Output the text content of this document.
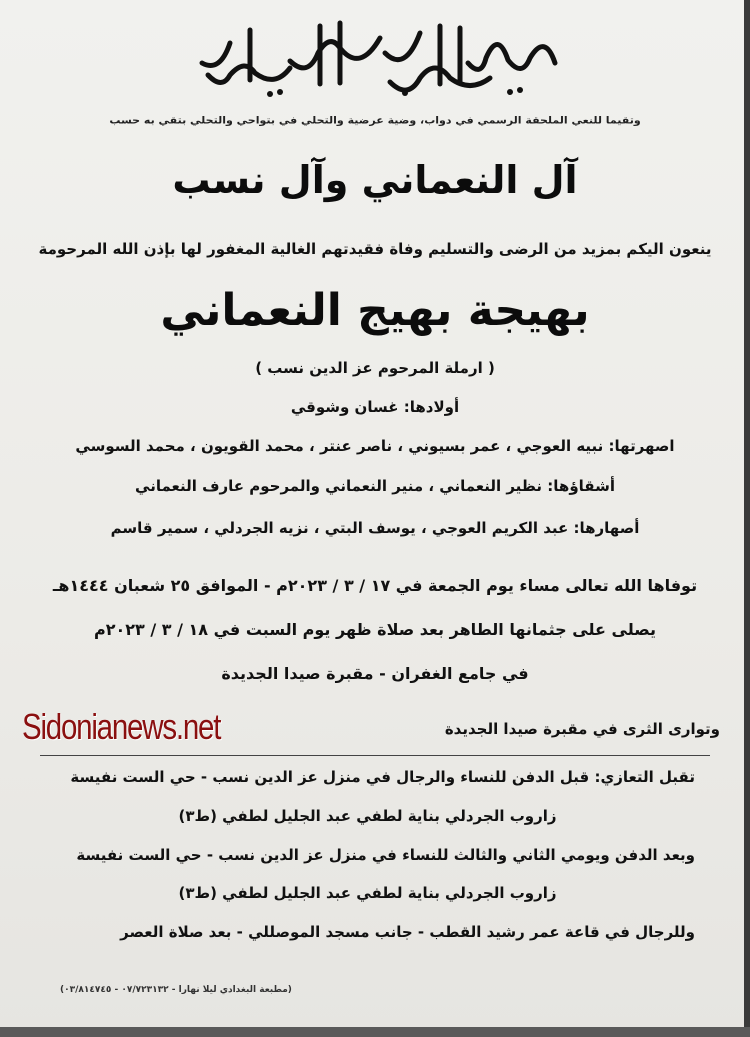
وتقيما للنعي الملحقة الرسمي في دواب، وضية عرضية والتحلي في بتواحي والتحلي بتقي به حسب
آل النعماني وآل نسب
ينعون اليكم بمزيد من الرضى والتسليم وفاة فقيدتهم الغالية المغفور لها بإذن الله المرحومة
بهيجة بهيج النعماني
( ارملة المرحوم عز الدين نسب )
أولادها: غسان وشوقي
اصهرتها: نبيه العوجي ، عمر بسيوني ، ناصر عنتر ، محمد القويون ، محمد السوسي
أشقاؤها: نظير النعماني ، منير النعماني والمرحوم عارف النعماني
أصهارها: عبد الكريم العوجي ، يوسف البتي ، نزيه الجردلي ، سمير قاسم
توفاها الله تعالى مساء يوم الجمعة في ١٧ / ٣ / ٢٠٢٣م - الموافق ٢٥ شعبان ١٤٤٤هـ
يصلى على جثمانها الطاهر بعد صلاة ظهر يوم السبت في ١٨ / ٣ / ٢٠٢٣م
في جامع الغفران - مقبرة صيدا الجديدة
وتوارى الثرى في مقبرة صيدا الجديدة
تقبل التعازي: قبل الدفن للنساء والرجال في منزل عز الدين نسب - حي الست نفيسة
زاروب الجردلي بناية لطفي عبد الجليل لطفي (ط٣)
وبعد الدفن ويومي الثاني والثالث للنساء في منزل عز الدين نسب - حي الست نفيسة
زاروب الجردلي بناية لطفي عبد الجليل لطفي (ط٣)
وللرجال في قاعة عمر رشيد القطب - جانب مسجد الموصللي - بعد صلاة العصر
(مطبعة البغدادي ليلا نهارا - ٠٧/٧٢٣١٣٢ - ٠٣/٨١٤٧٤٥)
Sidonianews.net
